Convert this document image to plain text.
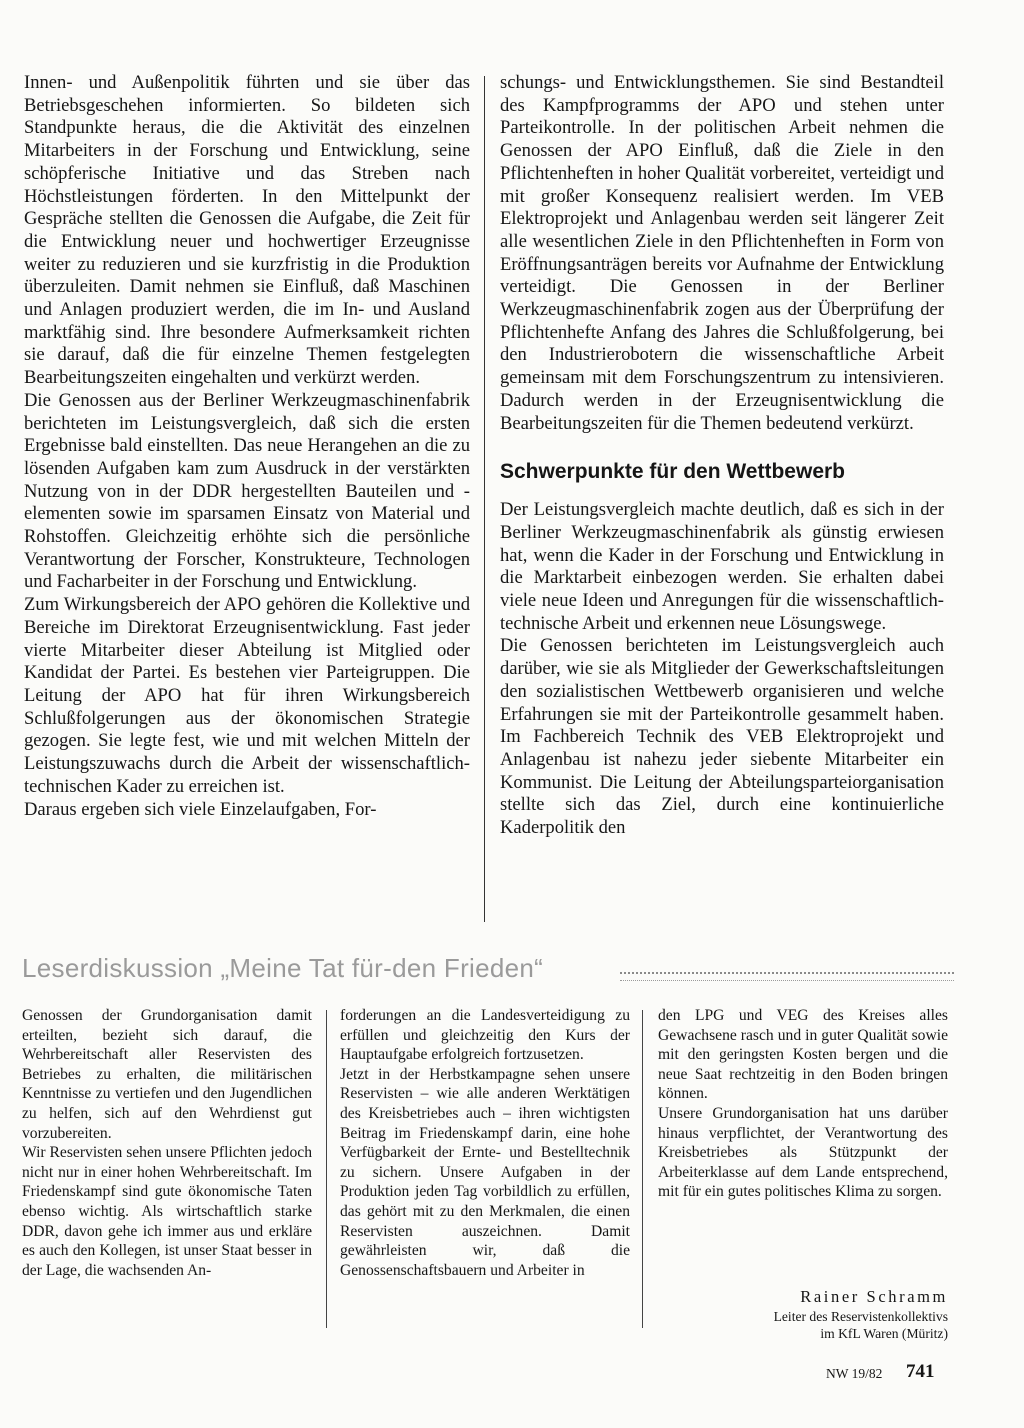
Innen- und Außenpolitik führten und sie über das Betriebsgeschehen informierten. So bildeten sich Standpunkte heraus, die die Aktivität des einzelnen Mitarbeiters in der Forschung und Entwicklung, seine schöpferische Initiative und das Streben nach Höchstleistungen förderten. In den Mittelpunkt der Gespräche stellten die Genossen die Aufgabe, die Zeit für die Entwicklung neuer und hochwertiger Erzeugnisse weiter zu reduzieren und sie kurzfristig in die Produktion überzuleiten. Damit nehmen sie Einfluß, daß Maschinen und Anlagen produziert werden, die im In- und Ausland marktfähig sind. Ihre besondere Aufmerksamkeit richten sie darauf, daß die für einzelne Themen festgelegten Bearbeitungszeiten eingehalten und verkürzt werden.

Die Genossen aus der Berliner Werkzeugmaschinenfabrik berichteten im Leistungsvergleich, daß sich die ersten Ergebnisse bald einstellten. Das neue Herangehen an die zu lösenden Aufgaben kam zum Ausdruck in der verstärkten Nutzung von in der DDR hergestellten Bauteilen und -elementen sowie im sparsamen Einsatz von Material und Rohstoffen. Gleichzeitig erhöhte sich die persönliche Verantwortung der Forscher, Konstrukteure, Technologen und Facharbeiter in der Forschung und Entwicklung.

Zum Wirkungsbereich der APO gehören die Kollektive und Bereiche im Direktorat Erzeugnisentwicklung. Fast jeder vierte Mitarbeiter dieser Abteilung ist Mitglied oder Kandidat der Partei. Es bestehen vier Parteigruppen. Die Leitung der APO hat für ihren Wirkungsbereich Schlußfolgerungen aus der ökonomischen Strategie gezogen. Sie legte fest, wie und mit welchen Mitteln der Leistungszuwachs durch die Arbeit der wissenschaftlich-technischen Kader zu erreichen ist.

Daraus ergeben sich viele Einzelaufgaben, For-

schungs- und Entwicklungsthemen. Sie sind Bestandteil des Kampfprogramms der APO und stehen unter Parteikontrolle. In der politischen Arbeit nehmen die Genossen der APO Einfluß, daß die Ziele in den Pflichtenheften in hoher Qualität vorbereitet, verteidigt und mit großer Konsequenz realisiert werden. Im VEB Elektroprojekt und Anlagenbau werden seit längerer Zeit alle wesentlichen Ziele in den Pflichtenheften in Form von Eröffnungsanträgen bereits vor Aufnahme der Entwicklung verteidigt. Die Genossen in der Berliner Werkzeugmaschinenfabrik zogen aus der Überprüfung der Pflichtenhefte Anfang des Jahres die Schlußfolgerung, bei den Industrierobotern die wissenschaftliche Arbeit gemeinsam mit dem Forschungszentrum zu intensivieren. Dadurch werden in der Erzeugnisentwicklung die Bearbeitungszeiten für die Themen bedeutend verkürzt.

Schwerpunkte für den Wettbewerb

Der Leistungsvergleich machte deutlich, daß es sich in der Berliner Werkzeugmaschinenfabrik als günstig erwiesen hat, wenn die Kader in der Forschung und Entwicklung in die Marktarbeit einbezogen werden. Sie erhalten dabei viele neue Ideen und Anregungen für die wissenschaftlich-technische Arbeit und erkennen neue Lösungswege.

Die Genossen berichteten im Leistungsvergleich auch darüber, wie sie als Mitglieder der Gewerkschaftsleitungen den sozialistischen Wettbewerb organisieren und welche Erfahrungen sie mit der Parteikontrolle gesammelt haben. Im Fachbereich Technik des VEB Elektroprojekt und Anlagenbau ist nahezu jeder siebente Mitarbeiter ein Kommunist. Die Leitung der Abteilungsparteiorganisation stellte sich das Ziel, durch eine kontinuierliche Kaderpolitik den

Leserdiskussion „Meine Tat für-den Frieden“

Genossen der Grundorganisation damit erteilten, bezieht sich darauf, die Wehrbereitschaft aller Reservisten des Betriebes zu erhalten, die militärischen Kenntnisse zu vertiefen und den Jugendlichen zu helfen, sich auf den Wehrdienst gut vorzubereiten.

Wir Reservisten sehen unsere Pflichten jedoch nicht nur in einer hohen Wehrbereitschaft. Im Friedenskampf sind gute ökonomische Taten ebenso wichtig. Als wirtschaftlich starke DDR, davon gehe ich immer aus und erkläre es auch den Kollegen, ist unser Staat besser in der Lage, die wachsenden An-

forderungen an die Landesverteidigung zu erfüllen und gleichzeitig den Kurs der Hauptaufgabe erfolgreich fortzusetzen.

Jetzt in der Herbstkampagne sehen unsere Reservisten – wie alle anderen Werktätigen des Kreisbetriebes auch – ihren wichtigsten Beitrag im Friedenskampf darin, eine hohe Verfügbarkeit der Ernte- und Bestelltechnik zu sichern. Unsere Aufgaben in der Produktion jeden Tag vorbildlich zu erfüllen, das gehört mit zu den Merkmalen, die einen Reservisten auszeichnen. Damit gewährleisten wir, daß die Genossenschaftsbauern und Arbeiter in

den LPG und VEG des Kreises alles Gewachsene rasch und in guter Qualität sowie mit den geringsten Kosten bergen und die neue Saat rechtzeitig in den Boden bringen können.

Unsere Grundorganisation hat uns darüber hinaus verpflichtet, der Verantwortung des Kreisbetriebes als Stützpunkt der Arbeiterklasse auf dem Lande entsprechend, mit für ein gutes politisches Klima zu sorgen.

Rainer Schramm
Leiter des Reservistenkollektivs
im KfL Waren (Müritz)
NW 19/82 741
